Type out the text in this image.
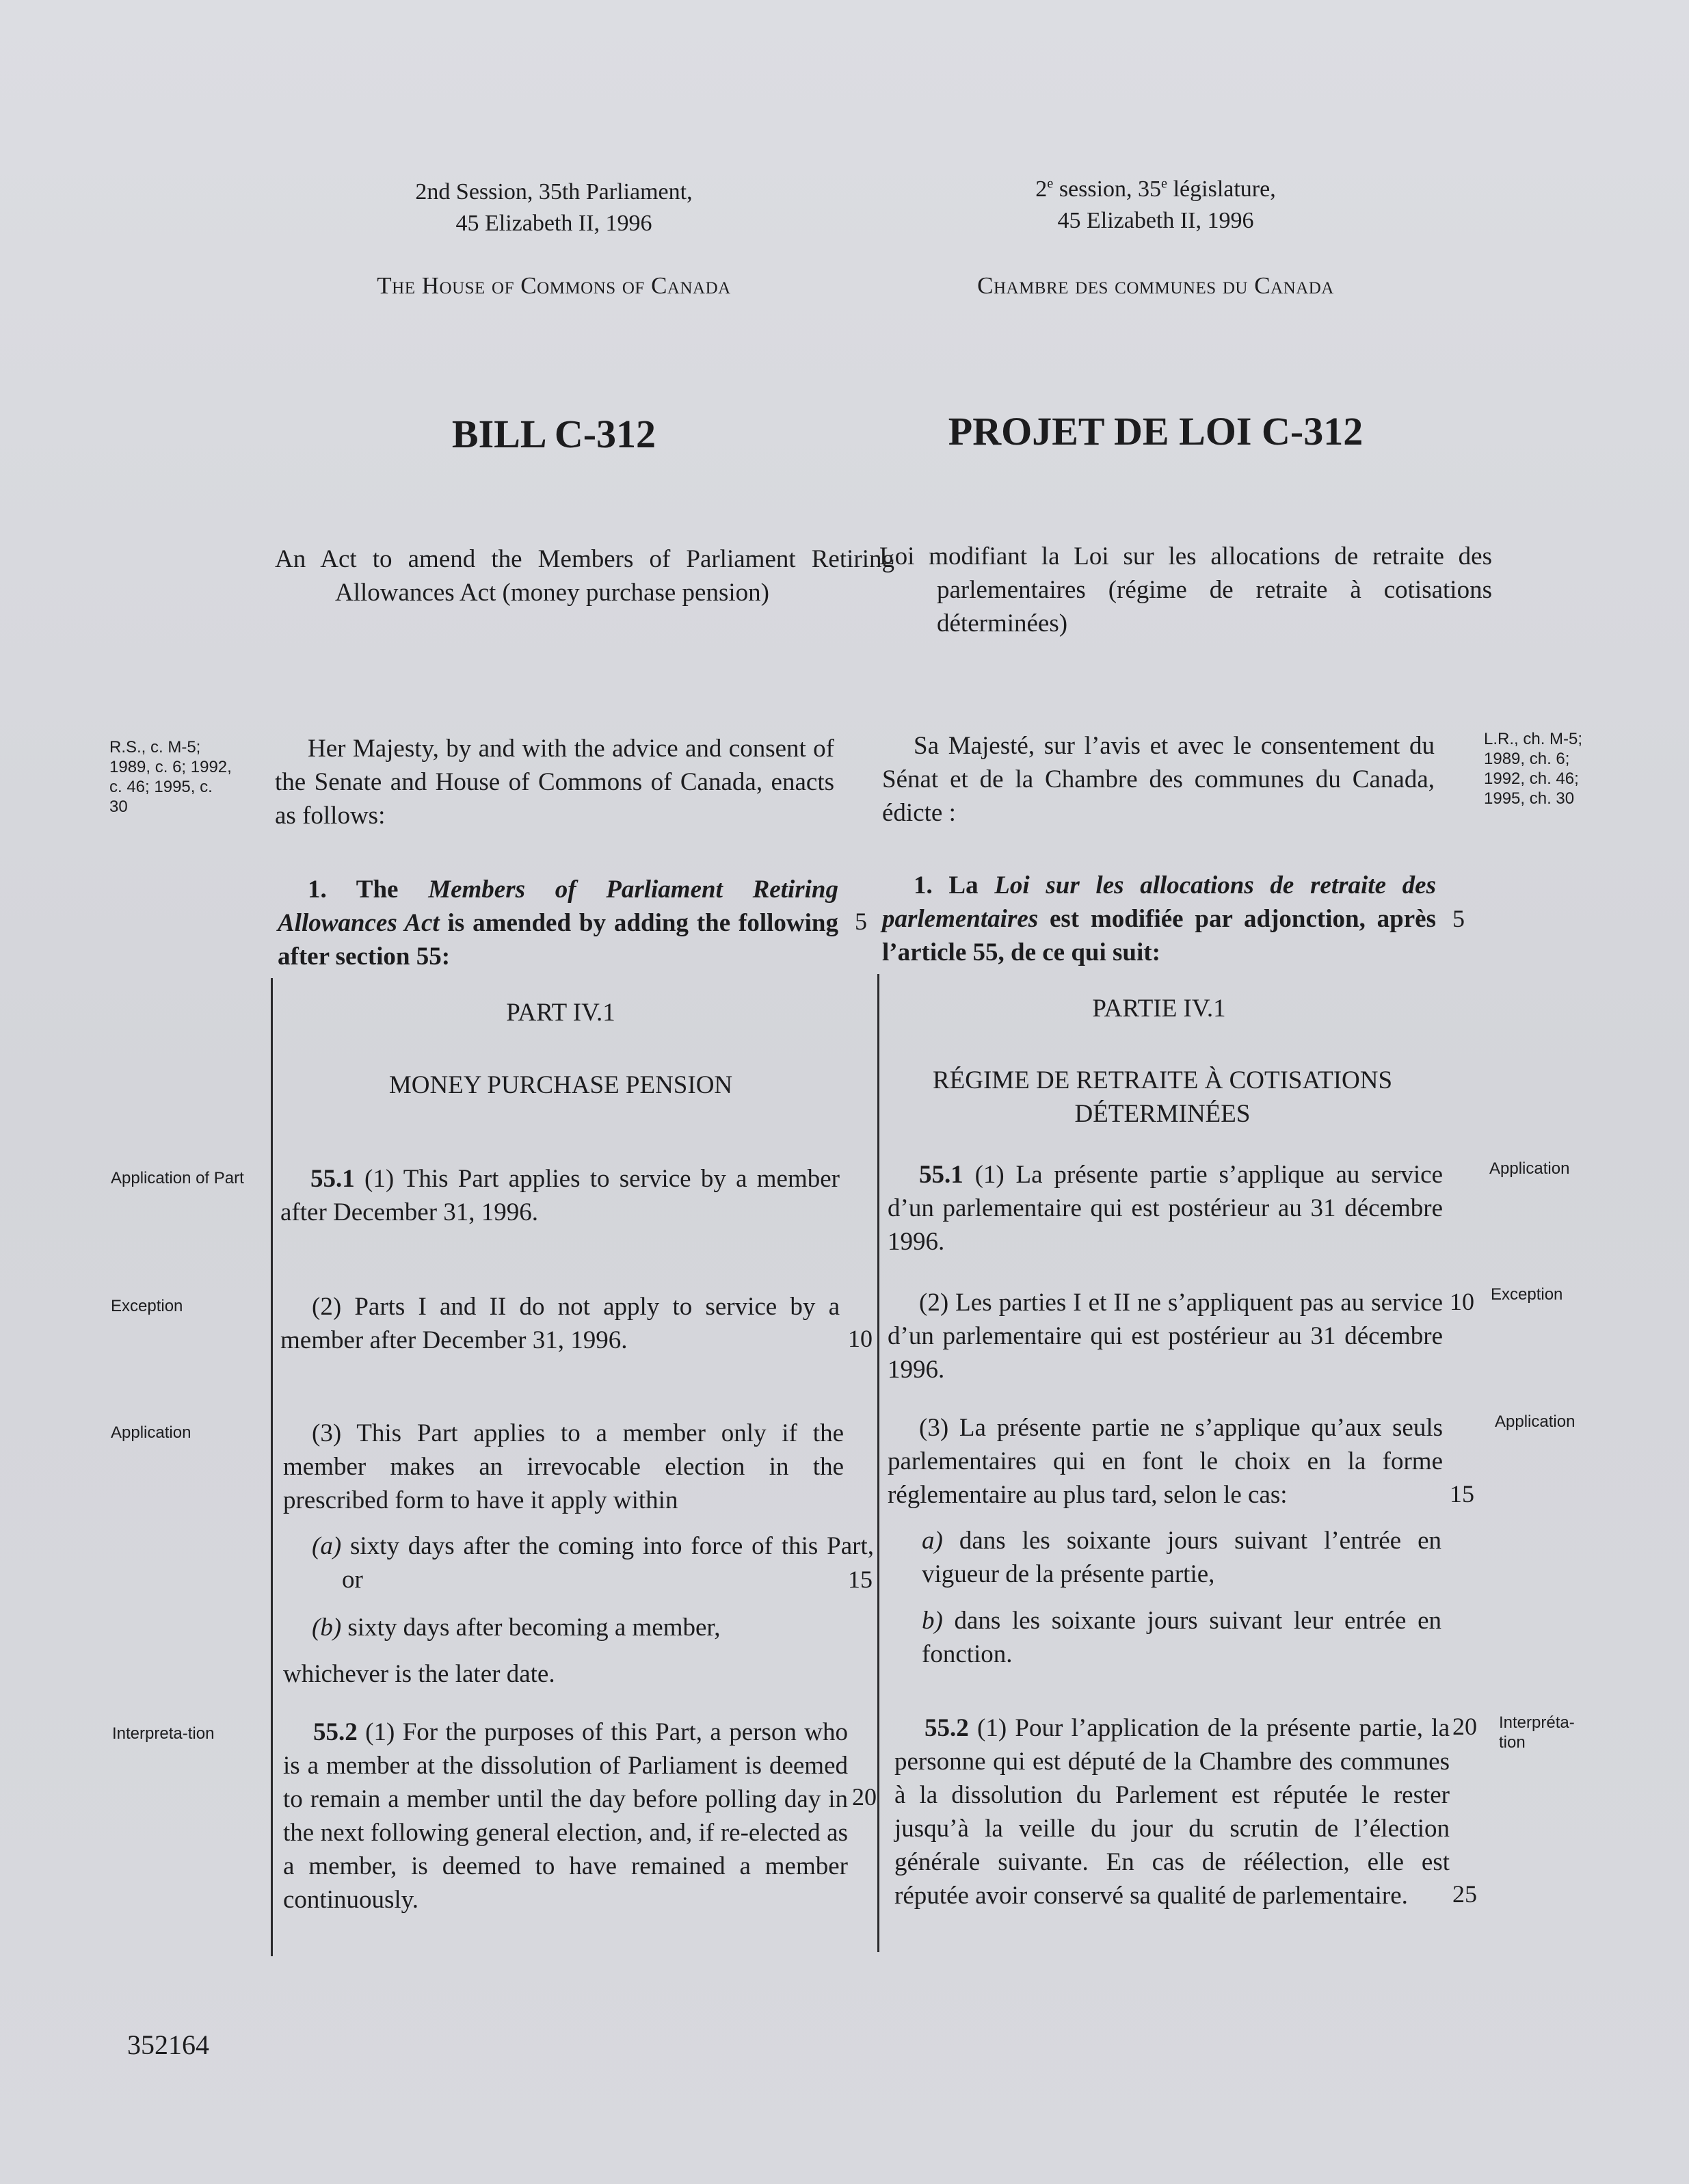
2nd Session, 35th Parliament,
45 Elizabeth II, 1996
2e session, 35e législature,
45 Elizabeth II, 1996
The House of Commons of Canada	Chambre des communes du Canada
BILL C-312	PROJET DE LOI C-312
An Act to amend the Members of Parliament Retiring Allowances Act (money purchase pension)
Loi modifiant la Loi sur les allocations de retraite des parlementaires (régime de retraite à cotisations déterminées)
R.S., c. M-5; 1989, c. 6; 1992, c. 46; 1995, c. 30
Her Majesty, by and with the advice and consent of the Senate and House of Commons of Canada, enacts as follows:
Sa Majesté, sur l’avis et avec le consentement du Sénat et de la Chambre des communes du Canada, édicte :
L.R., ch. M-5; 1989, ch. 6; 1992, ch. 46; 1995, ch. 30
1. The Members of Parliament Retiring Allowances Act is amended by adding the following after section 55:
5
1. La Loi sur les allocations de retraite des parlementaires est modifiée par adjonction, après l’article 55, de ce qui suit:
5
PART IV.1	PARTIE IV.1
MONEY PURCHASE PENSION	RÉGIME DE RETRAITE À COTISATIONS DÉTERMINÉES
Application of Part	55.1 (1) This Part applies to service by a member after December 31, 1996.
55.1 (1) La présente partie s’applique au service d’un parlementaire qui est postérieur au 31 décembre 1996.
Application
Exception	(2) Parts I and II do not apply to service by a member after December 31, 1996.	10
(2) Les parties I et II ne s’appliquent pas au service d’un parlementaire qui est postérieur au 31 décembre 1996.
10 Exception
Application	(3) This Part applies to a member only if the member makes an irrevocable election in the prescribed form to have it apply within
(a) sixty days after the coming into force of this Part, or	15
(b) sixty days after becoming a member,
whichever is the later date.
(3) La présente partie ne s’applique qu’aux seuls parlementaires qui en font le choix en la forme réglementaire au plus tard, selon le cas:	15
Application
a) dans les soixante jours suivant l’entrée en vigueur de la présente partie,
b) dans les soixante jours suivant leur entrée en fonction.
Interpreta-tion	55.2 (1) For the purposes of this Part, a person who is a member at the dissolution of Parliament is deemed to remain a member until the day before polling day in the next following general election, and, if re-elected as a member, is deemed to have remained a member continuously.
20
55.2 (1) Pour l’application de la présente partie, la personne qui est député de la Chambre des communes à la dissolution du Parlement est réputée le rester jusqu’à la veille du jour du scrutin de l’élection générale suivante. En cas de réélection, elle est réputée avoir conservé sa qualité de parlementaire.
20
25
Interpréta-tion
352164
